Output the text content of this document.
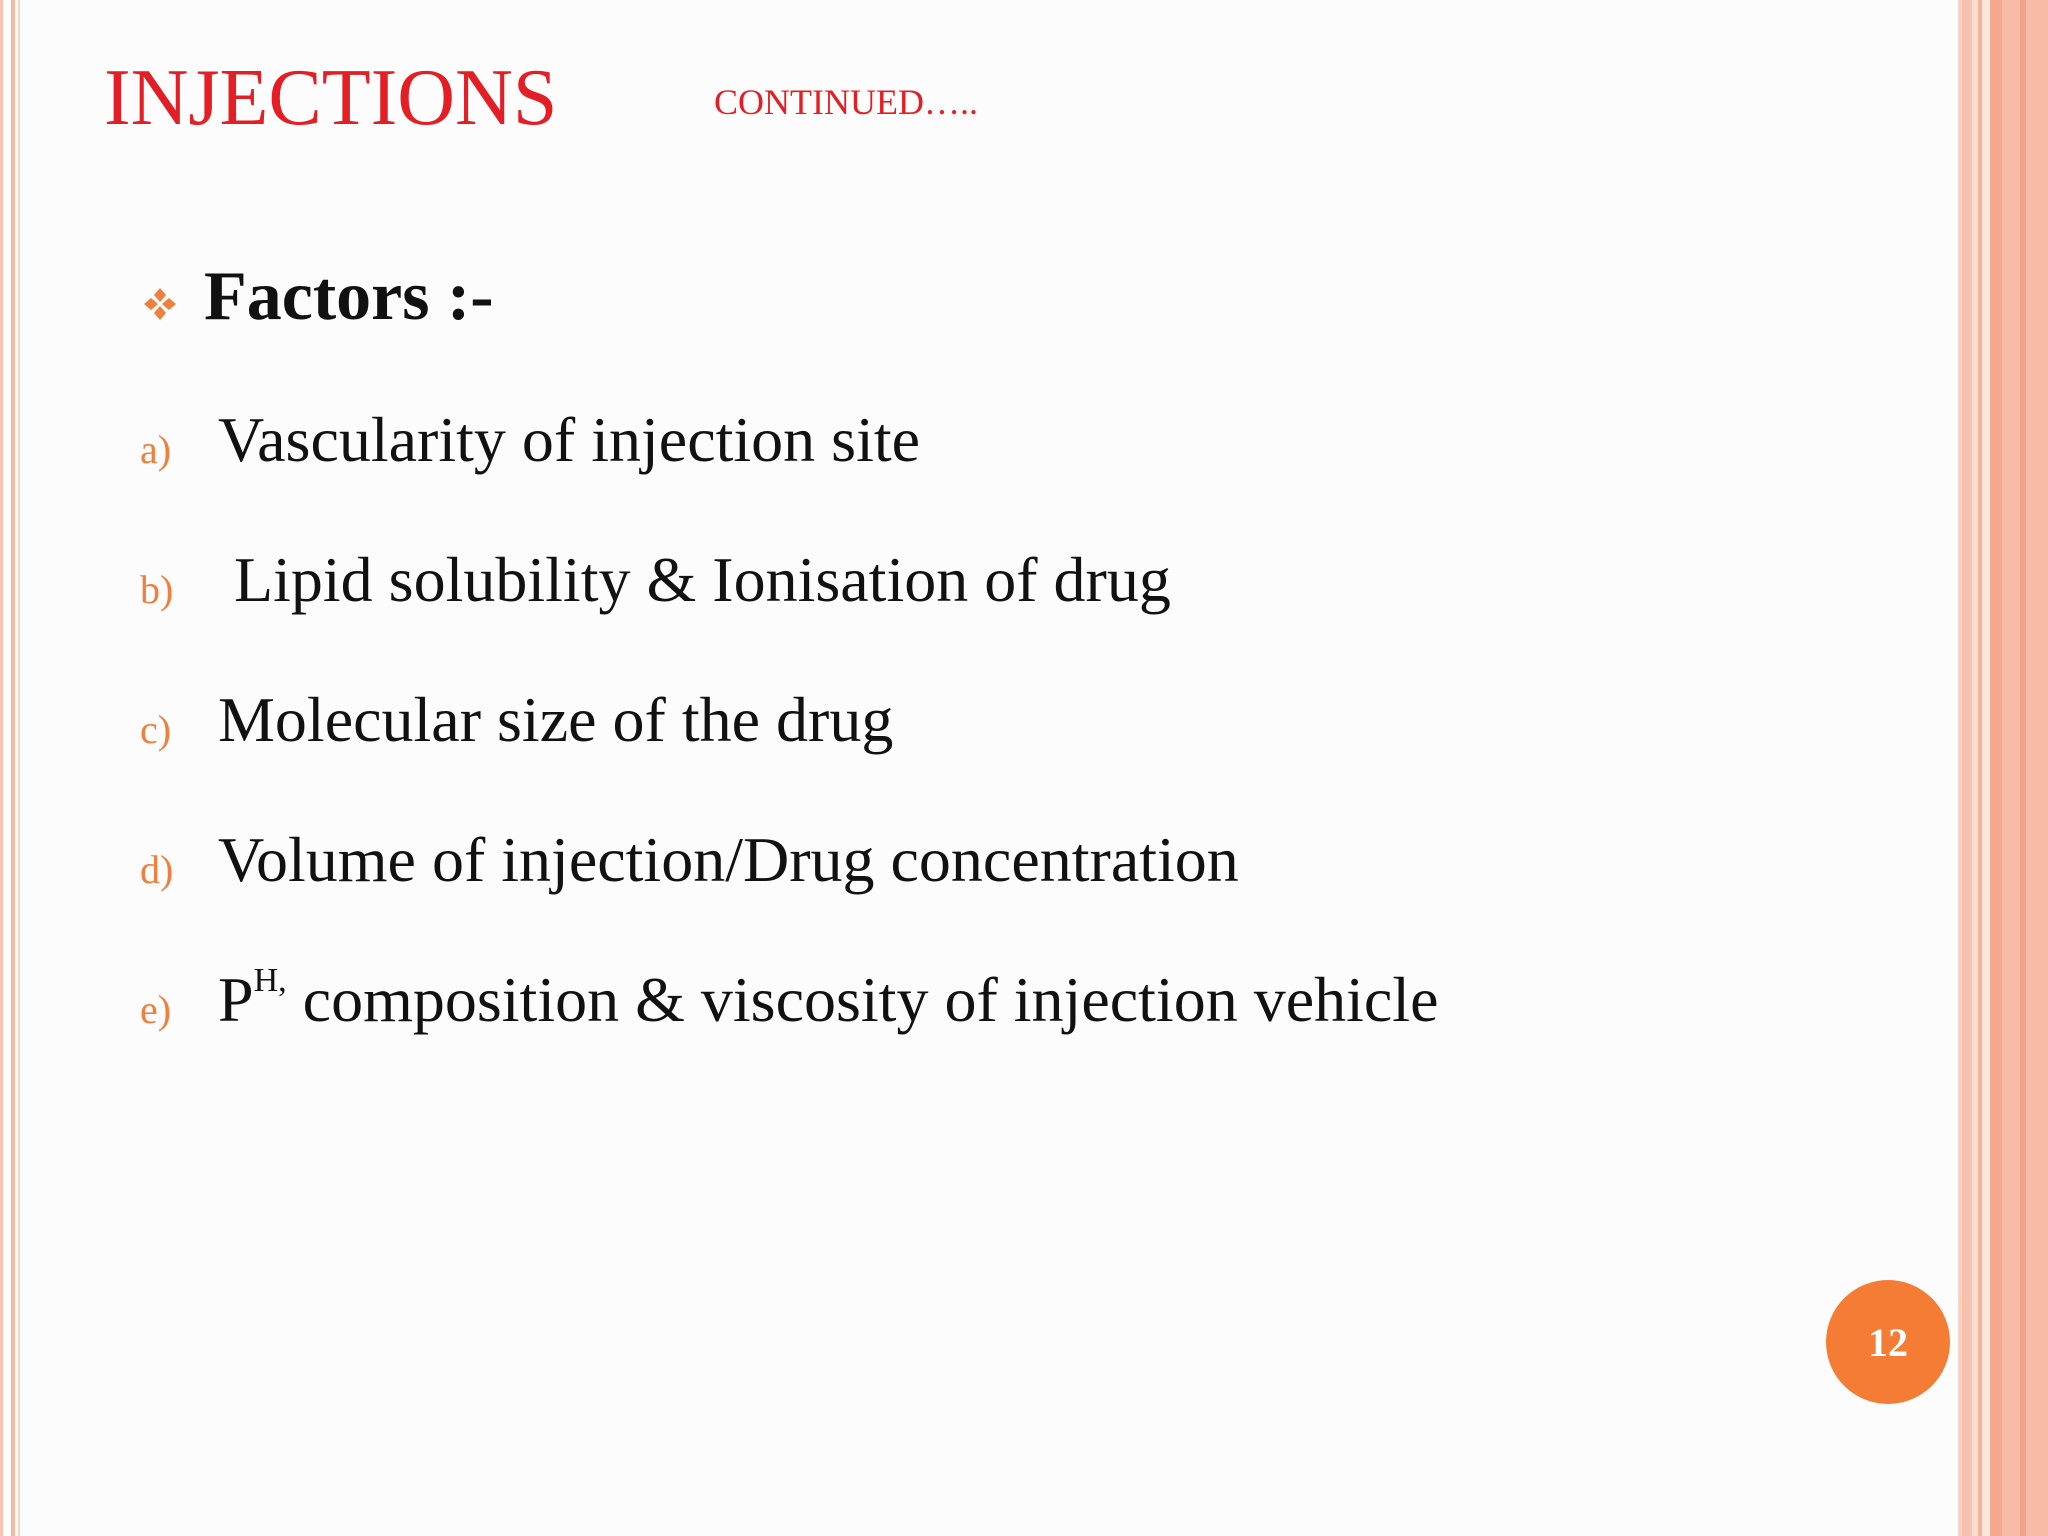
INJECTIONS	CONTINUED…..
Factors :-
a) Vascularity of injection site
b) Lipid solubility & Ionisation of drug
c) Molecular size of the drug
d) Volume of injection/Drug concentration
e) $P^{H,}$ composition & viscosity of injection vehicle
12
